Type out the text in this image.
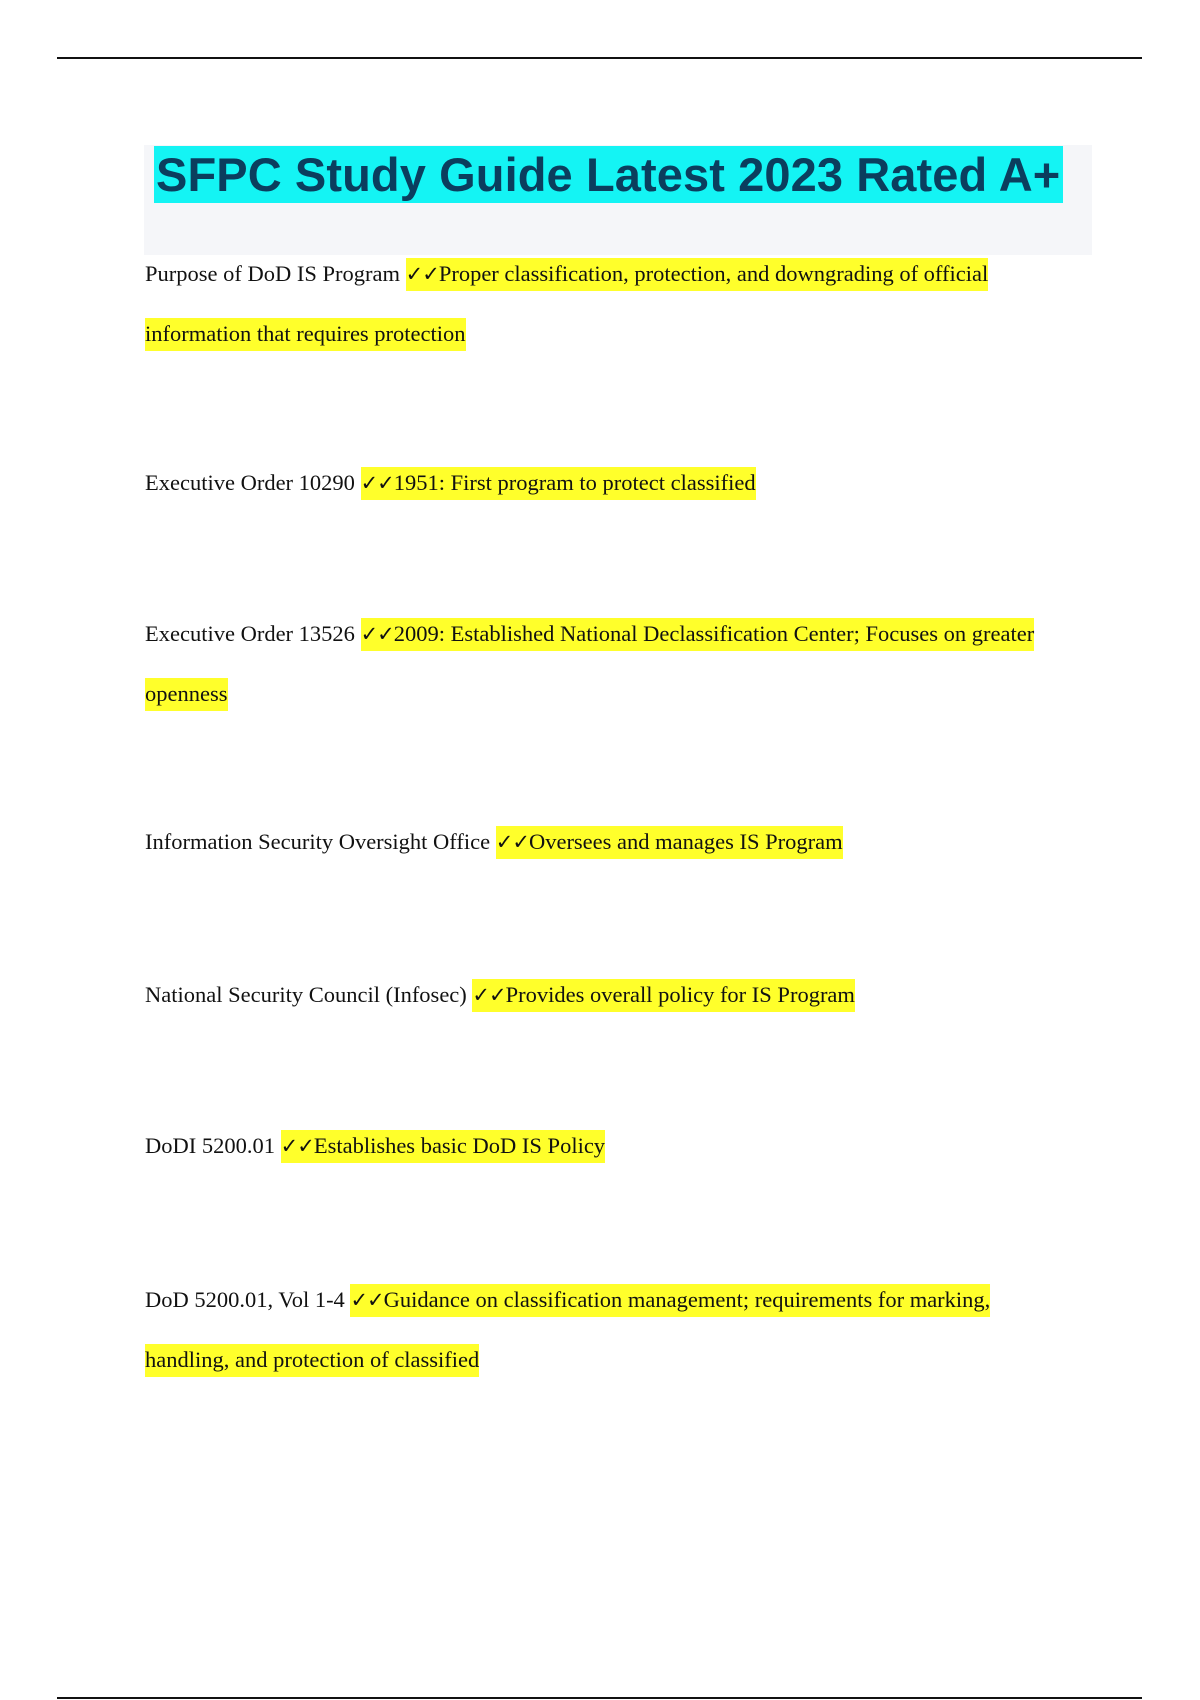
SFPC Study Guide Latest 2023 Rated A+
Purpose of DoD IS Program ✓✓Proper classification, protection, and downgrading of official information that requires protection
Executive Order 10290 ✓✓1951: First program to protect classified
Executive Order 13526 ✓✓2009: Established National Declassification Center; Focuses on greater openness
Information Security Oversight Office ✓✓Oversees and manages IS Program
National Security Council (Infosec) ✓✓Provides overall policy for IS Program
DoDI 5200.01 ✓✓Establishes basic DoD IS Policy
DoD 5200.01, Vol 1-4 ✓✓Guidance on classification management; requirements for marking, handling, and protection of classified
